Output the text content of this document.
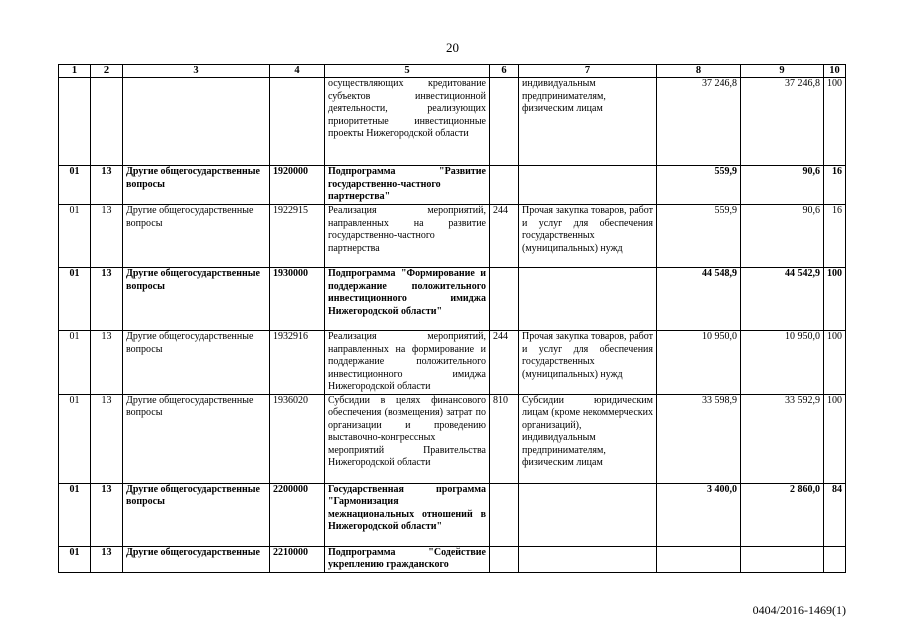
20
1	2	3	4	5	6	7	8	9	10
				осуществляющих кредитование субъектов инвестиционной деятельности, реализующих приоритетные инвестиционные проекты Нижегородской области		индивидуальным предпринимателям, физическим лицам	37 246,8	37 246,8	100
01	13	Другие общегосударственные вопросы	1920000	Подпрограмма "Развитие государственно-частного партнерства"			559,9	90,6	16
01	13	Другие общегосударственные вопросы	1922915	Реализация мероприятий, направленных на развитие государственно-частного партнерства	244	Прочая закупка товаров, работ и услуг для обеспечения государственных (муниципальных) нужд	559,9	90,6	16
01	13	Другие общегосударственные вопросы	1930000	Подпрограмма "Формирование и поддержание положительного инвестиционного имиджа Нижегородской области"			44 548,9	44 542,9	100
01	13	Другие общегосударственные вопросы	1932916	Реализация мероприятий, направленных на формирование и поддержание положительного инвестиционного имиджа Нижегородской области	244	Прочая закупка товаров, работ и услуг для обеспечения государственных (муниципальных) нужд	10 950,0	10 950,0	100
01	13	Другие общегосударственные вопросы	1936020	Субсидии в целях финансового обеспечения (возмещения) затрат по организации и проведению выставочно-конгрессных мероприятий Правительства Нижегородской области	810	Субсидии юридическим лицам (кроме некоммерческих организаций), индивидуальным предпринимателям, физическим лицам	33 598,9	33 592,9	100
01	13	Другие общегосударственные вопросы	2200000	Государственная программа "Гармонизация межнациональных отношений в Нижегородской области"			3 400,0	2 860,0	84
01	13	Другие общегосударственные	2210000	Подпрограмма "Содействие укреплению гражданского					
0404/2016-1469(1)
